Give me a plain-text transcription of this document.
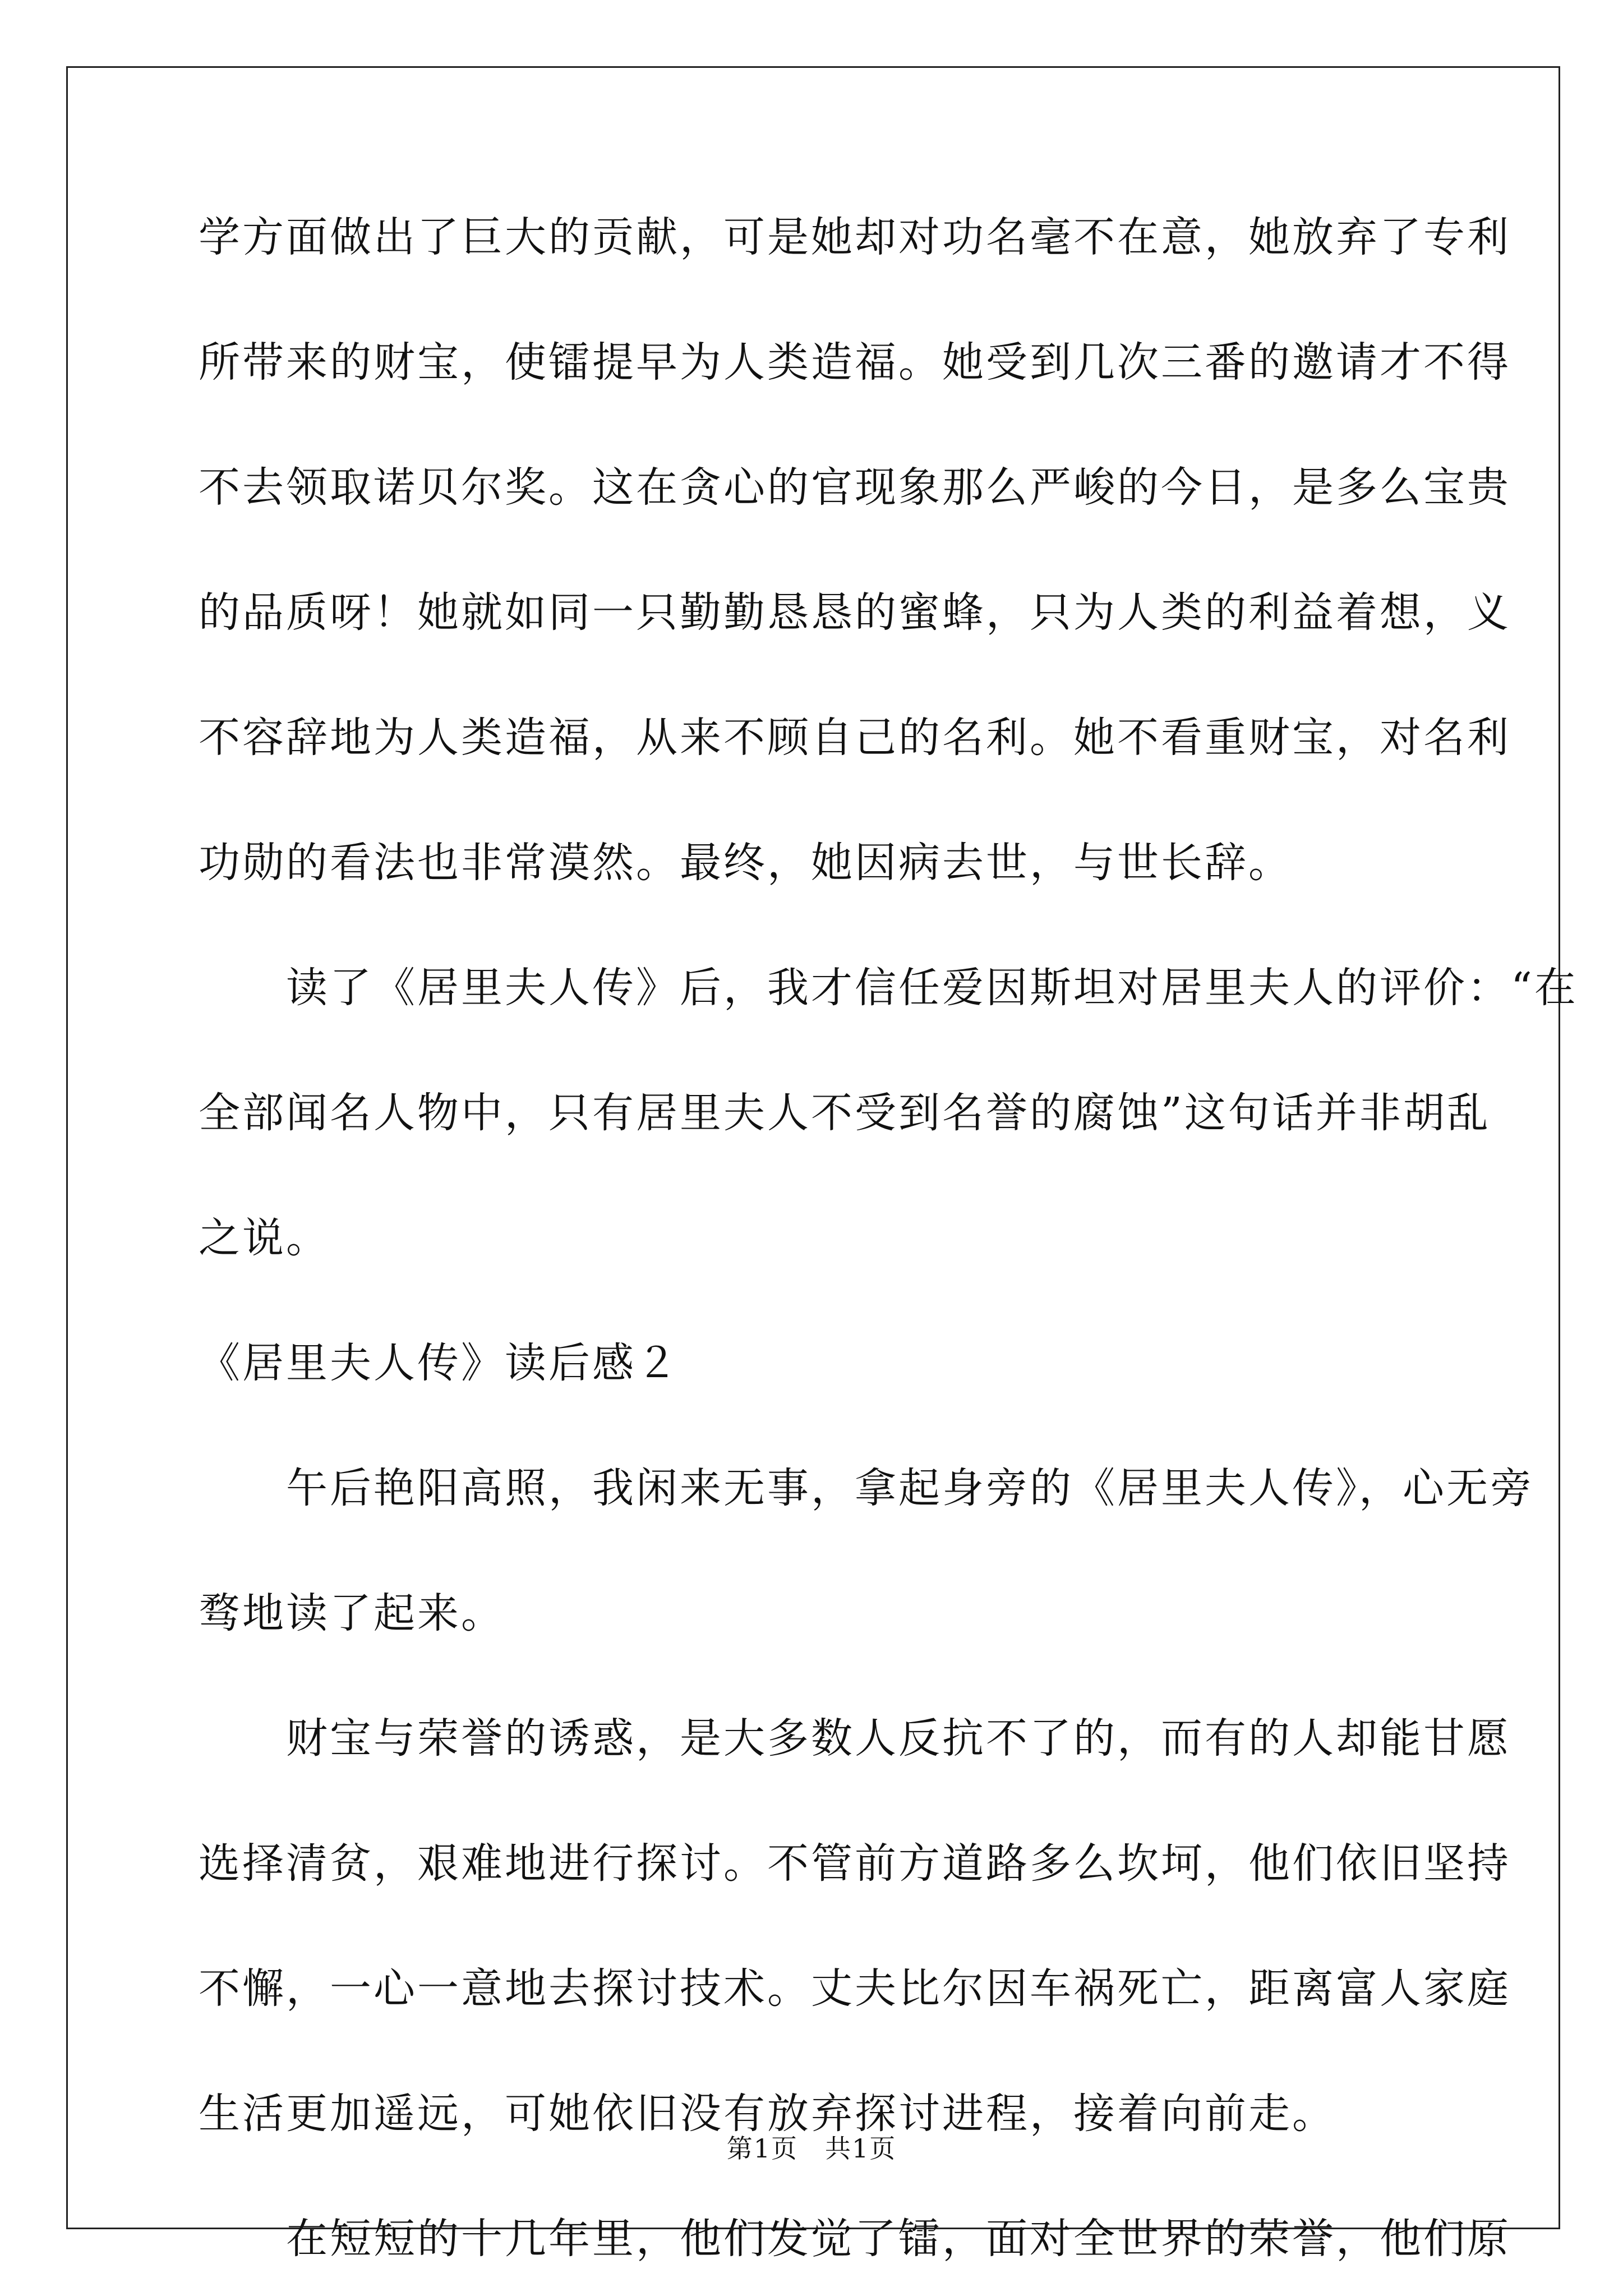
学方面做出了巨大的贡献，可是她却对功名毫不在意，她放弃了专利
所带来的财宝，使镭提早为人类造福。她受到几次三番的邀请才不得
不去领取诺贝尔奖。这在贪心的官现象那么严峻的今日，是多么宝贵
的品质呀！她就如同一只勤勤恳恳的蜜蜂，只为人类的利益着想，义
不容辞地为人类造福，从来不顾自己的名利。她不看重财宝，对名利
功勋的看法也非常漠然。最终，她因病去世，与世长辞。
　　读了《居里夫人传》后，我才信任爱因斯坦对居里夫人的评价：“在
全部闻名人物中，只有居里夫人不受到名誉的腐蚀”这句话并非胡乱
之说。
《居里夫人传》读后感２
　　午后艳阳高照，我闲来无事，拿起身旁的《居里夫人传》，心无旁
骛地读了起来。
　　财宝与荣誉的诱惑，是大多数人反抗不了的，而有的人却能甘愿
选择清贫，艰难地进行探讨。不管前方道路多么坎坷，他们依旧坚持
不懈，一心一意地去探讨技术。丈夫比尔因车祸死亡，距离富人家庭
生活更加遥远，可她依旧没有放弃探讨进程，接着向前走。
　　在短短的十几年里，他们发觉了镭，面对全世界的荣誉，他们原
第1页　共1页
